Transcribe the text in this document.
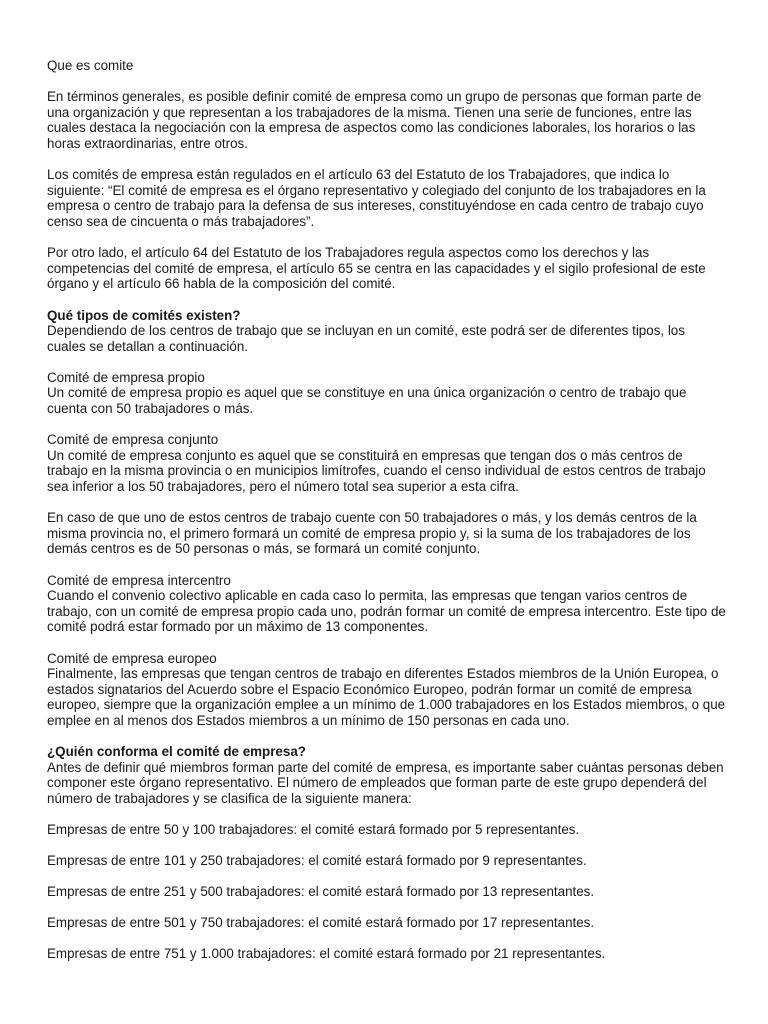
Que es comite

En términos generales, es posible definir comité de empresa como un grupo de personas que forman parte de una organización y que representan a los trabajadores de la misma. Tienen una serie de funciones, entre las cuales destaca la negociación con la empresa de aspectos como las condiciones laborales, los horarios o las horas extraordinarias, entre otros.

Los comités de empresa están regulados en el artículo 63 del Estatuto de los Trabajadores, que indica lo siguiente: “El comité de empresa es el órgano representativo y colegiado del conjunto de los trabajadores en la empresa o centro de trabajo para la defensa de sus intereses, constituyéndose en cada centro de trabajo cuyo censo sea de cincuenta o más trabajadores”.

Por otro lado, el artículo 64 del Estatuto de los Trabajadores regula aspectos como los derechos y las competencias del comité de empresa, el artículo 65 se centra en las capacidades y el sigilo profesional de este órgano y el artículo 66 habla de la composición del comité.

Qué tipos de comités existen?
Dependiendo de los centros de trabajo que se incluyan en un comité, este podrá ser de diferentes tipos, los cuales se detallan a continuación.

Comité de empresa propio
Un comité de empresa propio es aquel que se constituye en una única organización o centro de trabajo que cuenta con 50 trabajadores o más.

Comité de empresa conjunto
Un comité de empresa conjunto es aquel que se constituirá en empresas que tengan dos o más centros de trabajo en la misma provincia o en municipios limítrofes, cuando el censo individual de estos centros de trabajo sea inferior a los 50 trabajadores, pero el número total sea superior a esta cifra.

En caso de que uno de estos centros de trabajo cuente con 50 trabajadores o más, y los demás centros de la misma provincia no, el primero formará un comité de empresa propio y, si la suma de los trabajadores de los demás centros es de 50 personas o más, se formará un comité conjunto.

Comité de empresa intercentro
Cuando el convenio colectivo aplicable en cada caso lo permita, las empresas que tengan varios centros de trabajo, con un comité de empresa propio cada uno, podrán formar un comité de empresa intercentro. Este tipo de comité podrá estar formado por un máximo de 13 componentes.

Comité de empresa europeo
Finalmente, las empresas que tengan centros de trabajo en diferentes Estados miembros de la Unión Europea, o estados signatarios del Acuerdo sobre el Espacio Económico Europeo, podrán formar un comité de empresa europeo, siempre que la organización emplee a un mínimo de 1.000 trabajadores en los Estados miembros, o que emplee en al menos dos Estados miembros a un mínimo de 150 personas en cada uno.

¿Quién conforma el comité de empresa?
Antes de definir qué miembros forman parte del comité de empresa, es importante saber cuántas personas deben componer este órgano representativo. El número de empleados que forman parte de este grupo dependerá del número de trabajadores y se clasifica de la siguiente manera:

Empresas de entre 50 y 100 trabajadores: el comité estará formado por 5 representantes.

Empresas de entre 101 y 250 trabajadores: el comité estará formado por 9 representantes.

Empresas de entre 251 y 500 trabajadores: el comité estará formado por 13 representantes.

Empresas de entre 501 y 750 trabajadores: el comité estará formado por 17 representantes.

Empresas de entre 751 y 1.000 trabajadores: el comité estará formado por 21 representantes.
